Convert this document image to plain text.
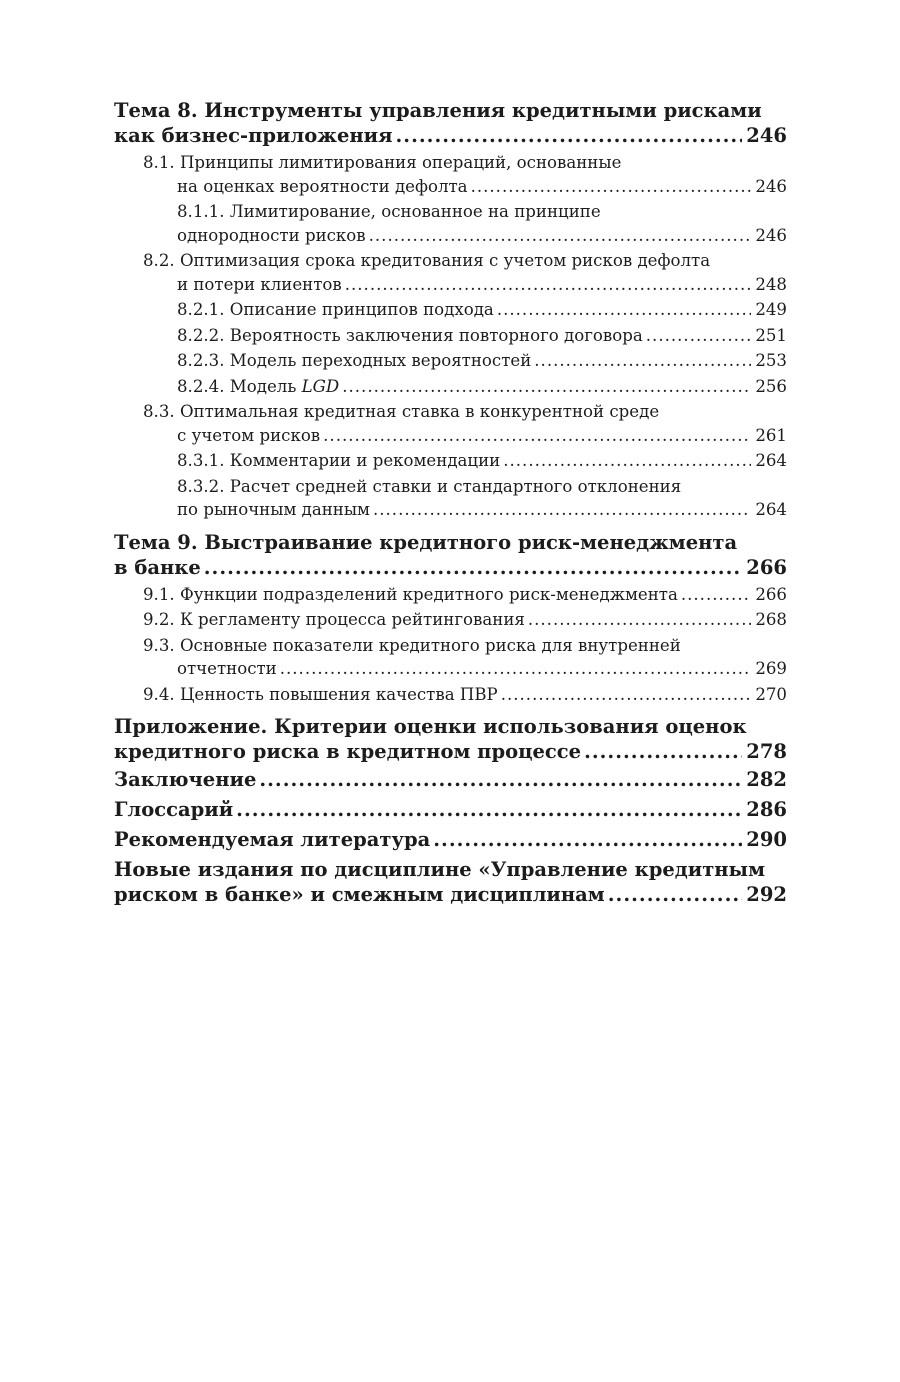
Тема 8. Инструменты управления кредитными рисками
как бизнес-приложения .....	246
8.1. Принципы лимитирования операций, основанные
на оценках вероятности дефолта .....	246
8.1.1. Лимитирование, основанное на принципе
однородности рисков .....	246
8.2. Оптимизация срока кредитования с учетом рисков дефолта
и потери клиентов .....	248
8.2.1. Описание принципов подхода .....	249
8.2.2. Вероятность заключения повторного договора .....	251
8.2.3. Модель переходных вероятностей .....	253
8.2.4. Модель LGD .....	256
8.3. Оптимальная кредитная ставка в конкурентной среде
с учетом рисков .....	261
8.3.1. Комментарии и рекомендации .....	264
8.3.2. Расчет средней ставки и стандартного отклонения
по рыночным данным .....	264
Тема 9. Выстраивание кредитного риск-менеджмента
в банке .....	266
9.1. Функции подразделений кредитного риск-менеджмента .....	266
9.2. К регламенту процесса рейтингования .....	268
9.3. Основные показатели кредитного риска для внутренней
отчетности .....	269
9.4. Ценность повышения качества ПВР .....	270
Приложение. Критерии оценки использования оценок
кредитного риска в кредитном процессе .....	278
Заключение .....	282
Глоссарий .....	286
Рекомендуемая литература .....	290
Новые издания по дисциплине «Управление кредитным
риском в банке» и смежным дисциплинам .....	292
